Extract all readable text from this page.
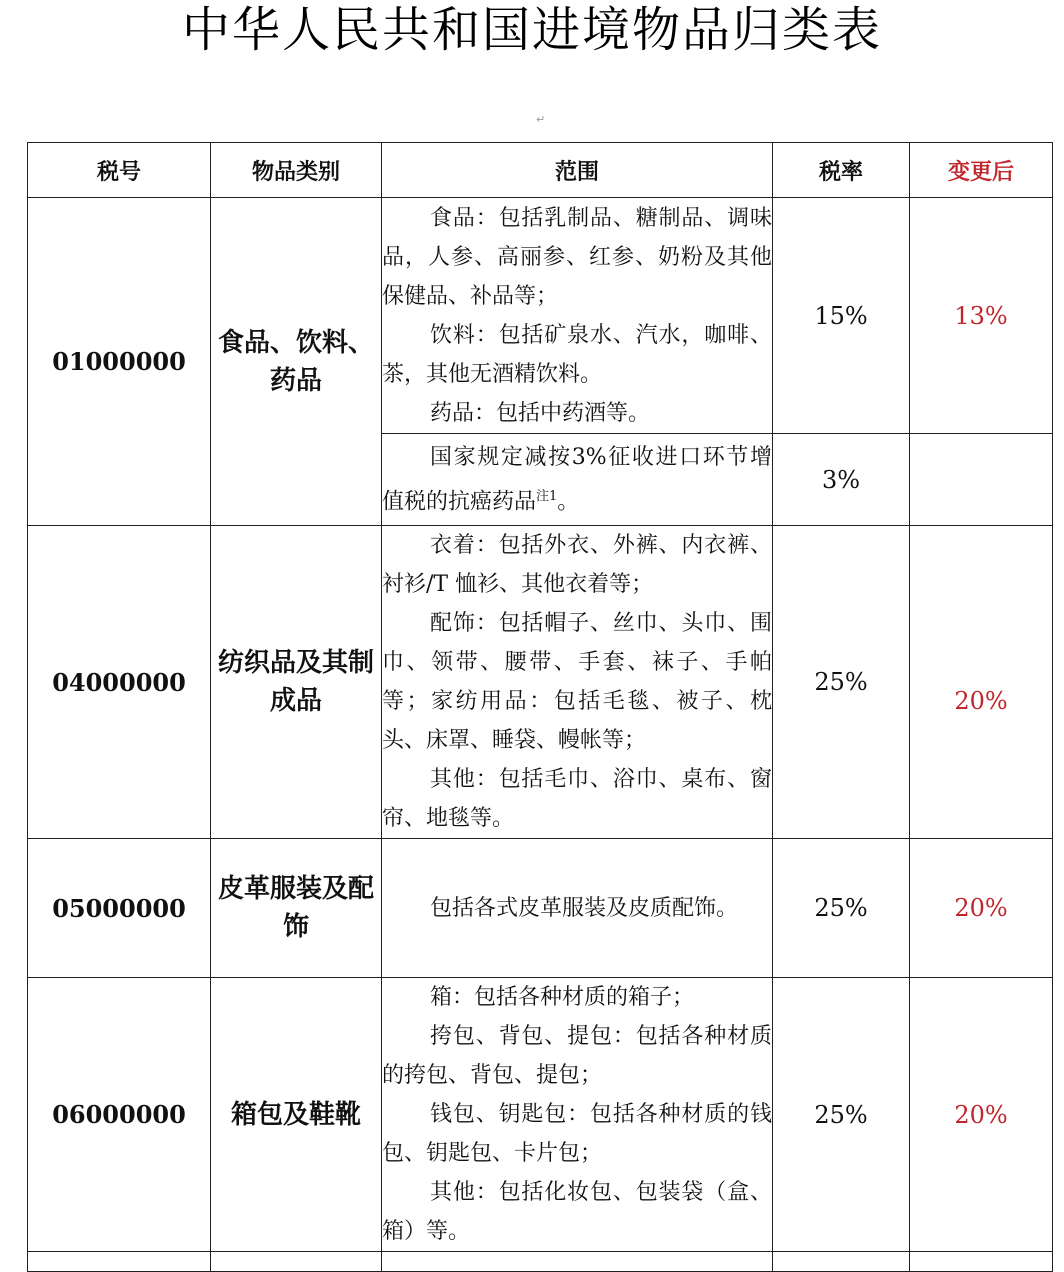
中华人民共和国进境物品归类表
↵
税号	物品类别	范围	税率	变更后
01000000	食品、饮料、药品	食品：包括乳制品、糖制品、调味品，人参、高丽参、红参、奶粉及其他保健品、补品等；
饮料：包括矿泉水、汽水，咖啡、茶，其他无酒精饮料。
药品：包括中药酒等。	15%	13%

		国家规定减按3%征收进口环节增值税的抗癌药品$^{注1}$。	3%	
04000000	纺织品及其制成品	衣着：包括外衣、外裤、内衣裤、衬衫/T 恤衫、其他衣着等；
配饰：包括帽子、丝巾、头巾、围巾、领带、腰带、手套、袜子、手帕等；家纺用品：包括毛毯、被子、枕头、床罩、睡袋、幔帐等；
其他：包括毛巾、浴巾、桌布、窗帘、地毯等。	25%	20%
05000000	皮革服装及配饰	包括各式皮革服装及皮质配饰。	25%	20%
06000000	箱包及鞋靴	箱：包括各种材质的箱子；
挎包、背包、提包：包括各种材质的挎包、背包、提包；
钱包、钥匙包：包括各种材质的钱包、钥匙包、卡片包；
其他：包括化妆包、包装袋（盒、箱）等。	25%	20%
